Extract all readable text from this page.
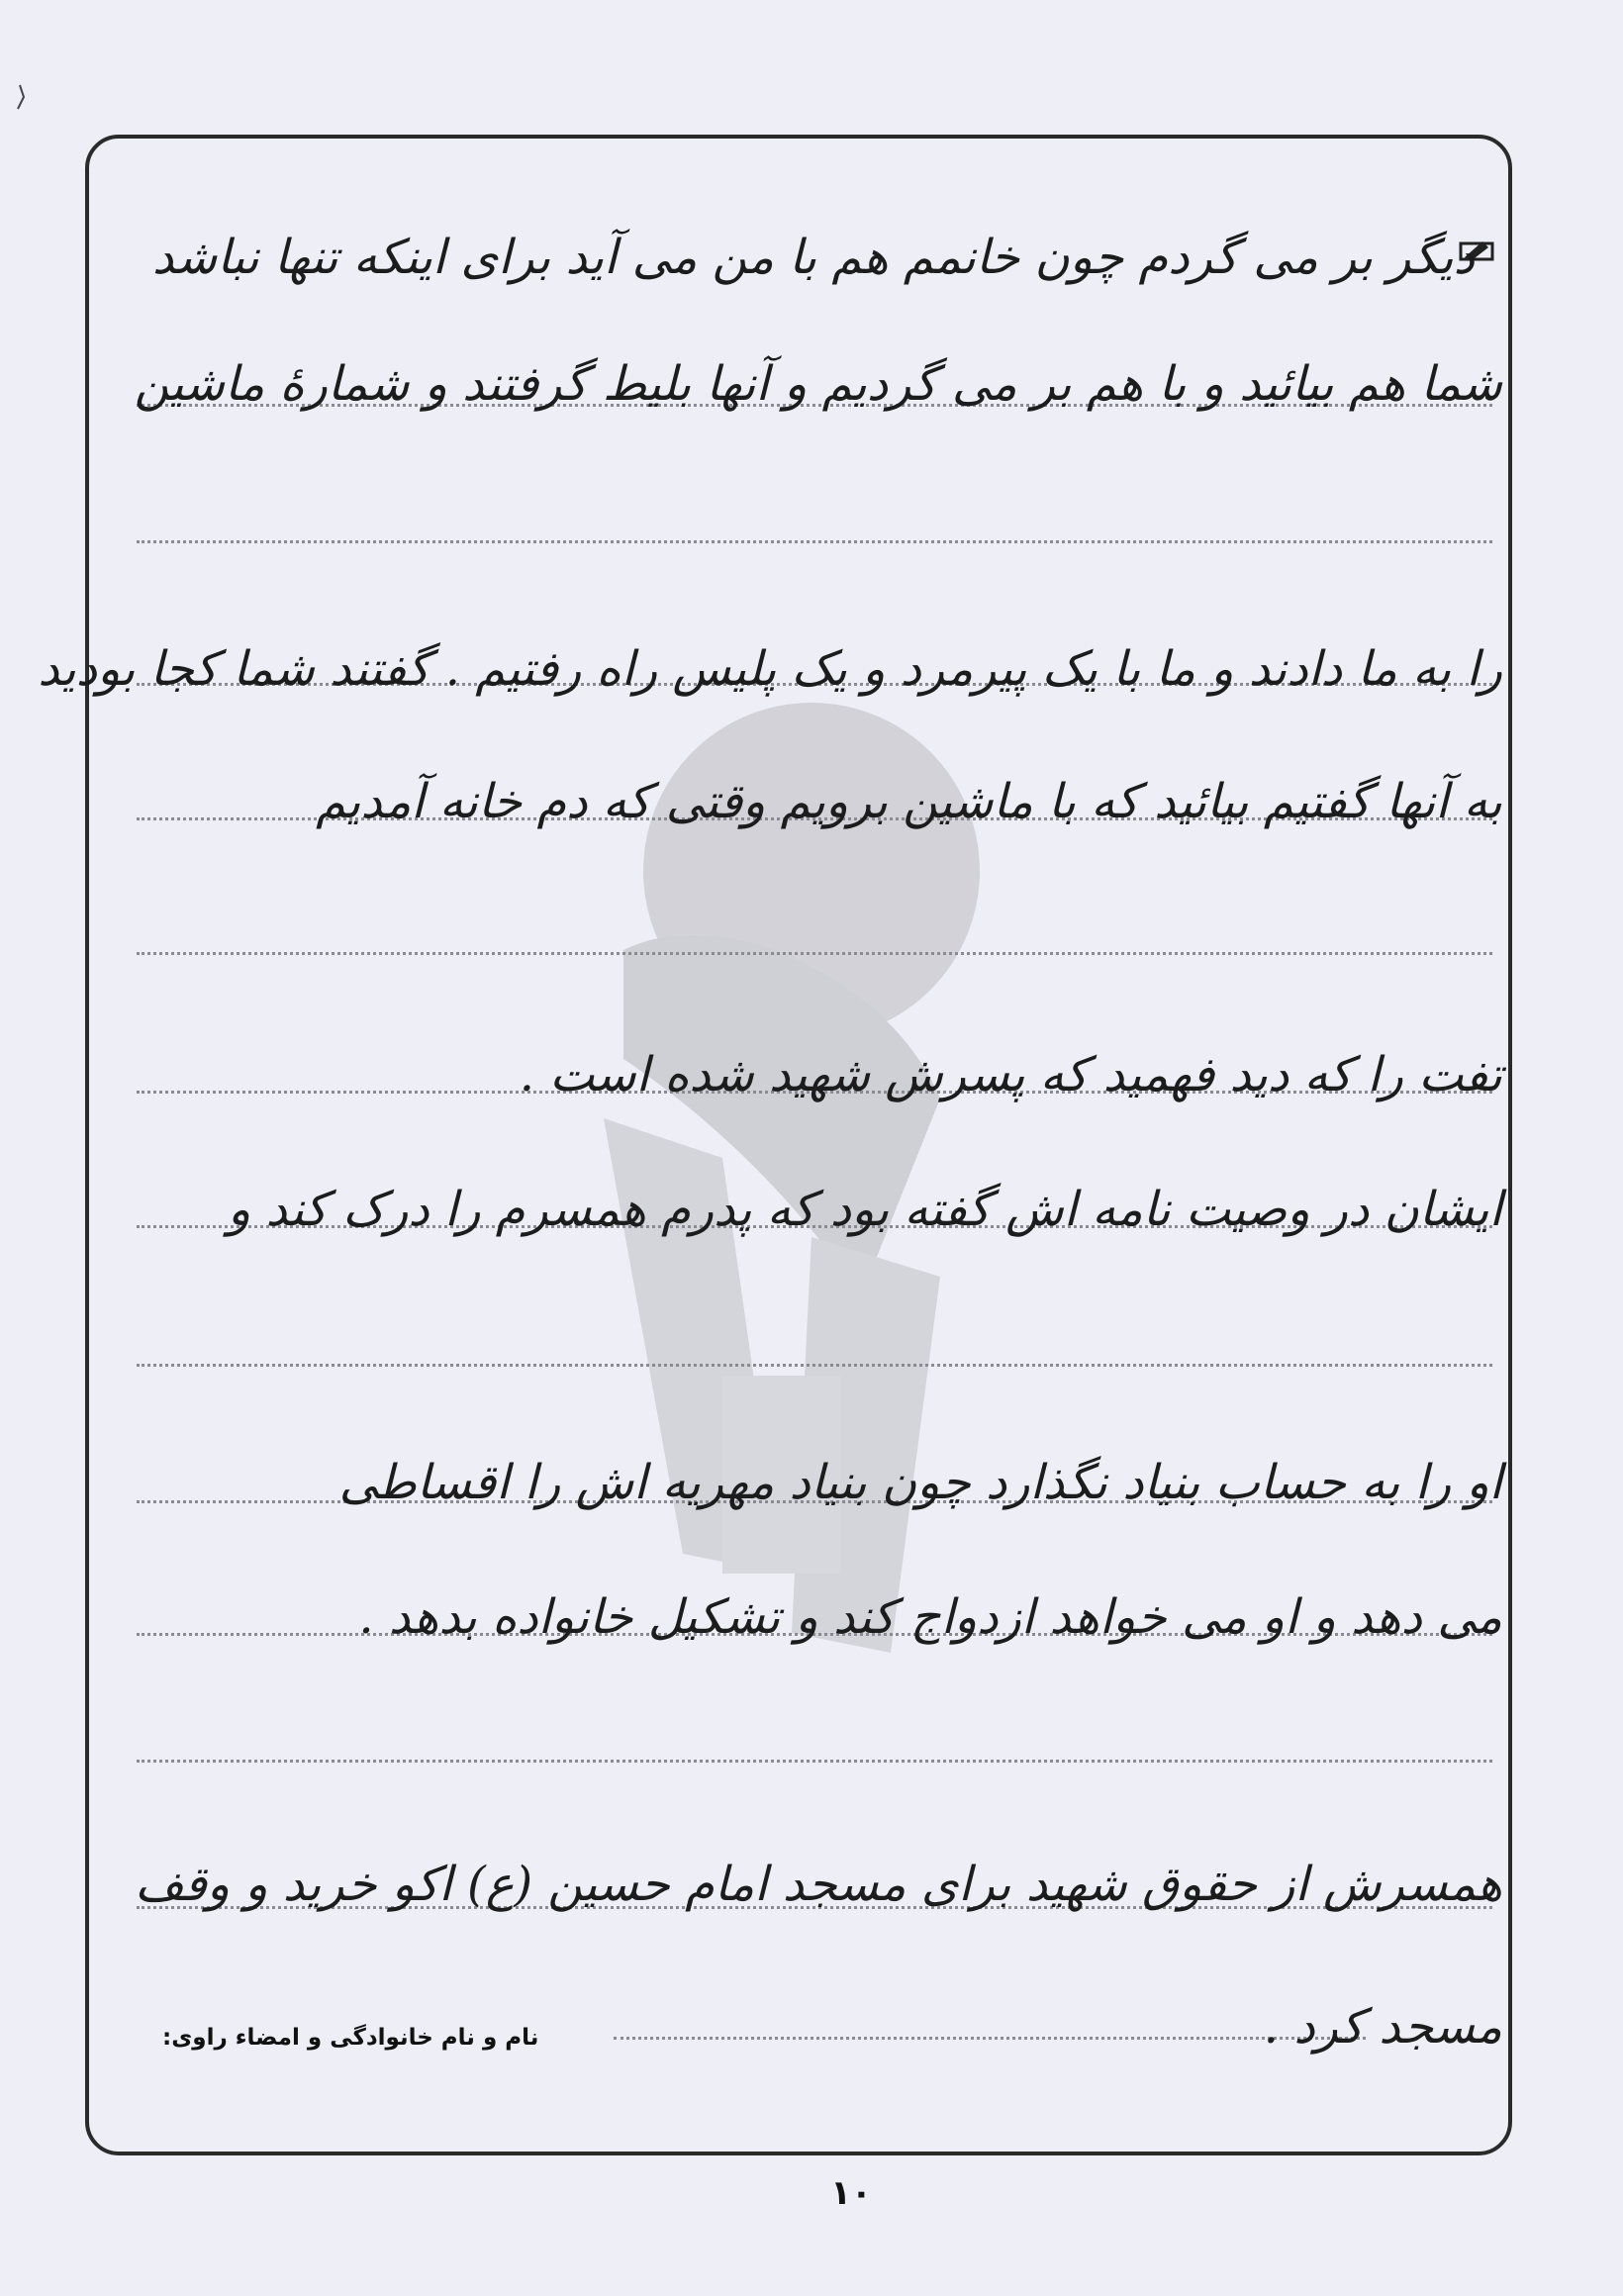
دیگر بر می گردم چون خانمم هم با من می آید برای اینکه تنها نباشد
شما هم بیائید و با هم بر می گردیم و آنها بلیط گرفتند و شمارهٔ ماشین
را به ما دادند و ما با یک پیرمرد و یک پلیس راه رفتیم . گفتند شما کجا بودید
به آنها گفتیم بیائید که با ماشین برویم وقتی که دم خانه آمدیم
تفت را که دید فهمید که پسرش شهید شده است .
ایشان در وصیت نامه اش گفته بود که پدرم همسرم را درک کند و
او را به حساب بنیاد نگذارد چون بنیاد مهریه اش را اقساطی
می دهد و او می خواهد ازدواج کند و تشکیل خانواده بدهد .
همسرش از حقوق شهید برای مسجد امام حسین (ع) اکو خرید و وقف
مسجد کرد .
نام و نام خانوادگی و امضاء راوی:
۱۰
